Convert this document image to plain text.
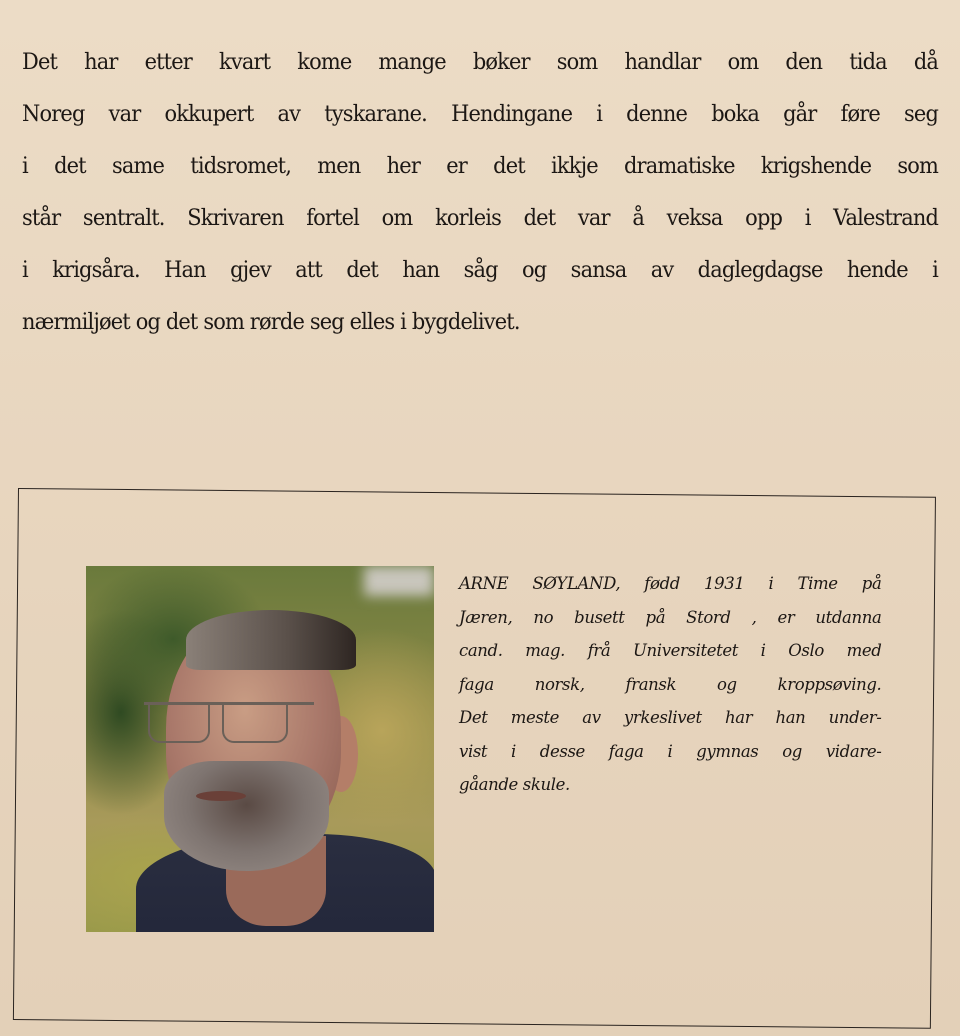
Det har etter kvart kome mange bøker som handlar om den tida då
Noreg var okkupert av tyskarane. Hendingane i denne boka går føre seg
i det same tidsromet, men her er det ikkje dramatiske krigshende som
står sentralt. Skrivaren fortel om korleis det var å veksa opp i Valestrand
i krigsåra. Han gjev att det han såg og sansa av daglegdagse hende i
nærmiljøet og det som rørde seg elles i bygdelivet.
ARNE SØYLAND, fødd 1931 i Time på
Jæren, no busett på Stord , er utdanna
cand. mag. frå Universitetet i Oslo med
faga norsk, fransk og kroppsøving.
Det meste av yrkeslivet har han under-
vist i desse faga i gymnas og vidare-
gåande skule.
